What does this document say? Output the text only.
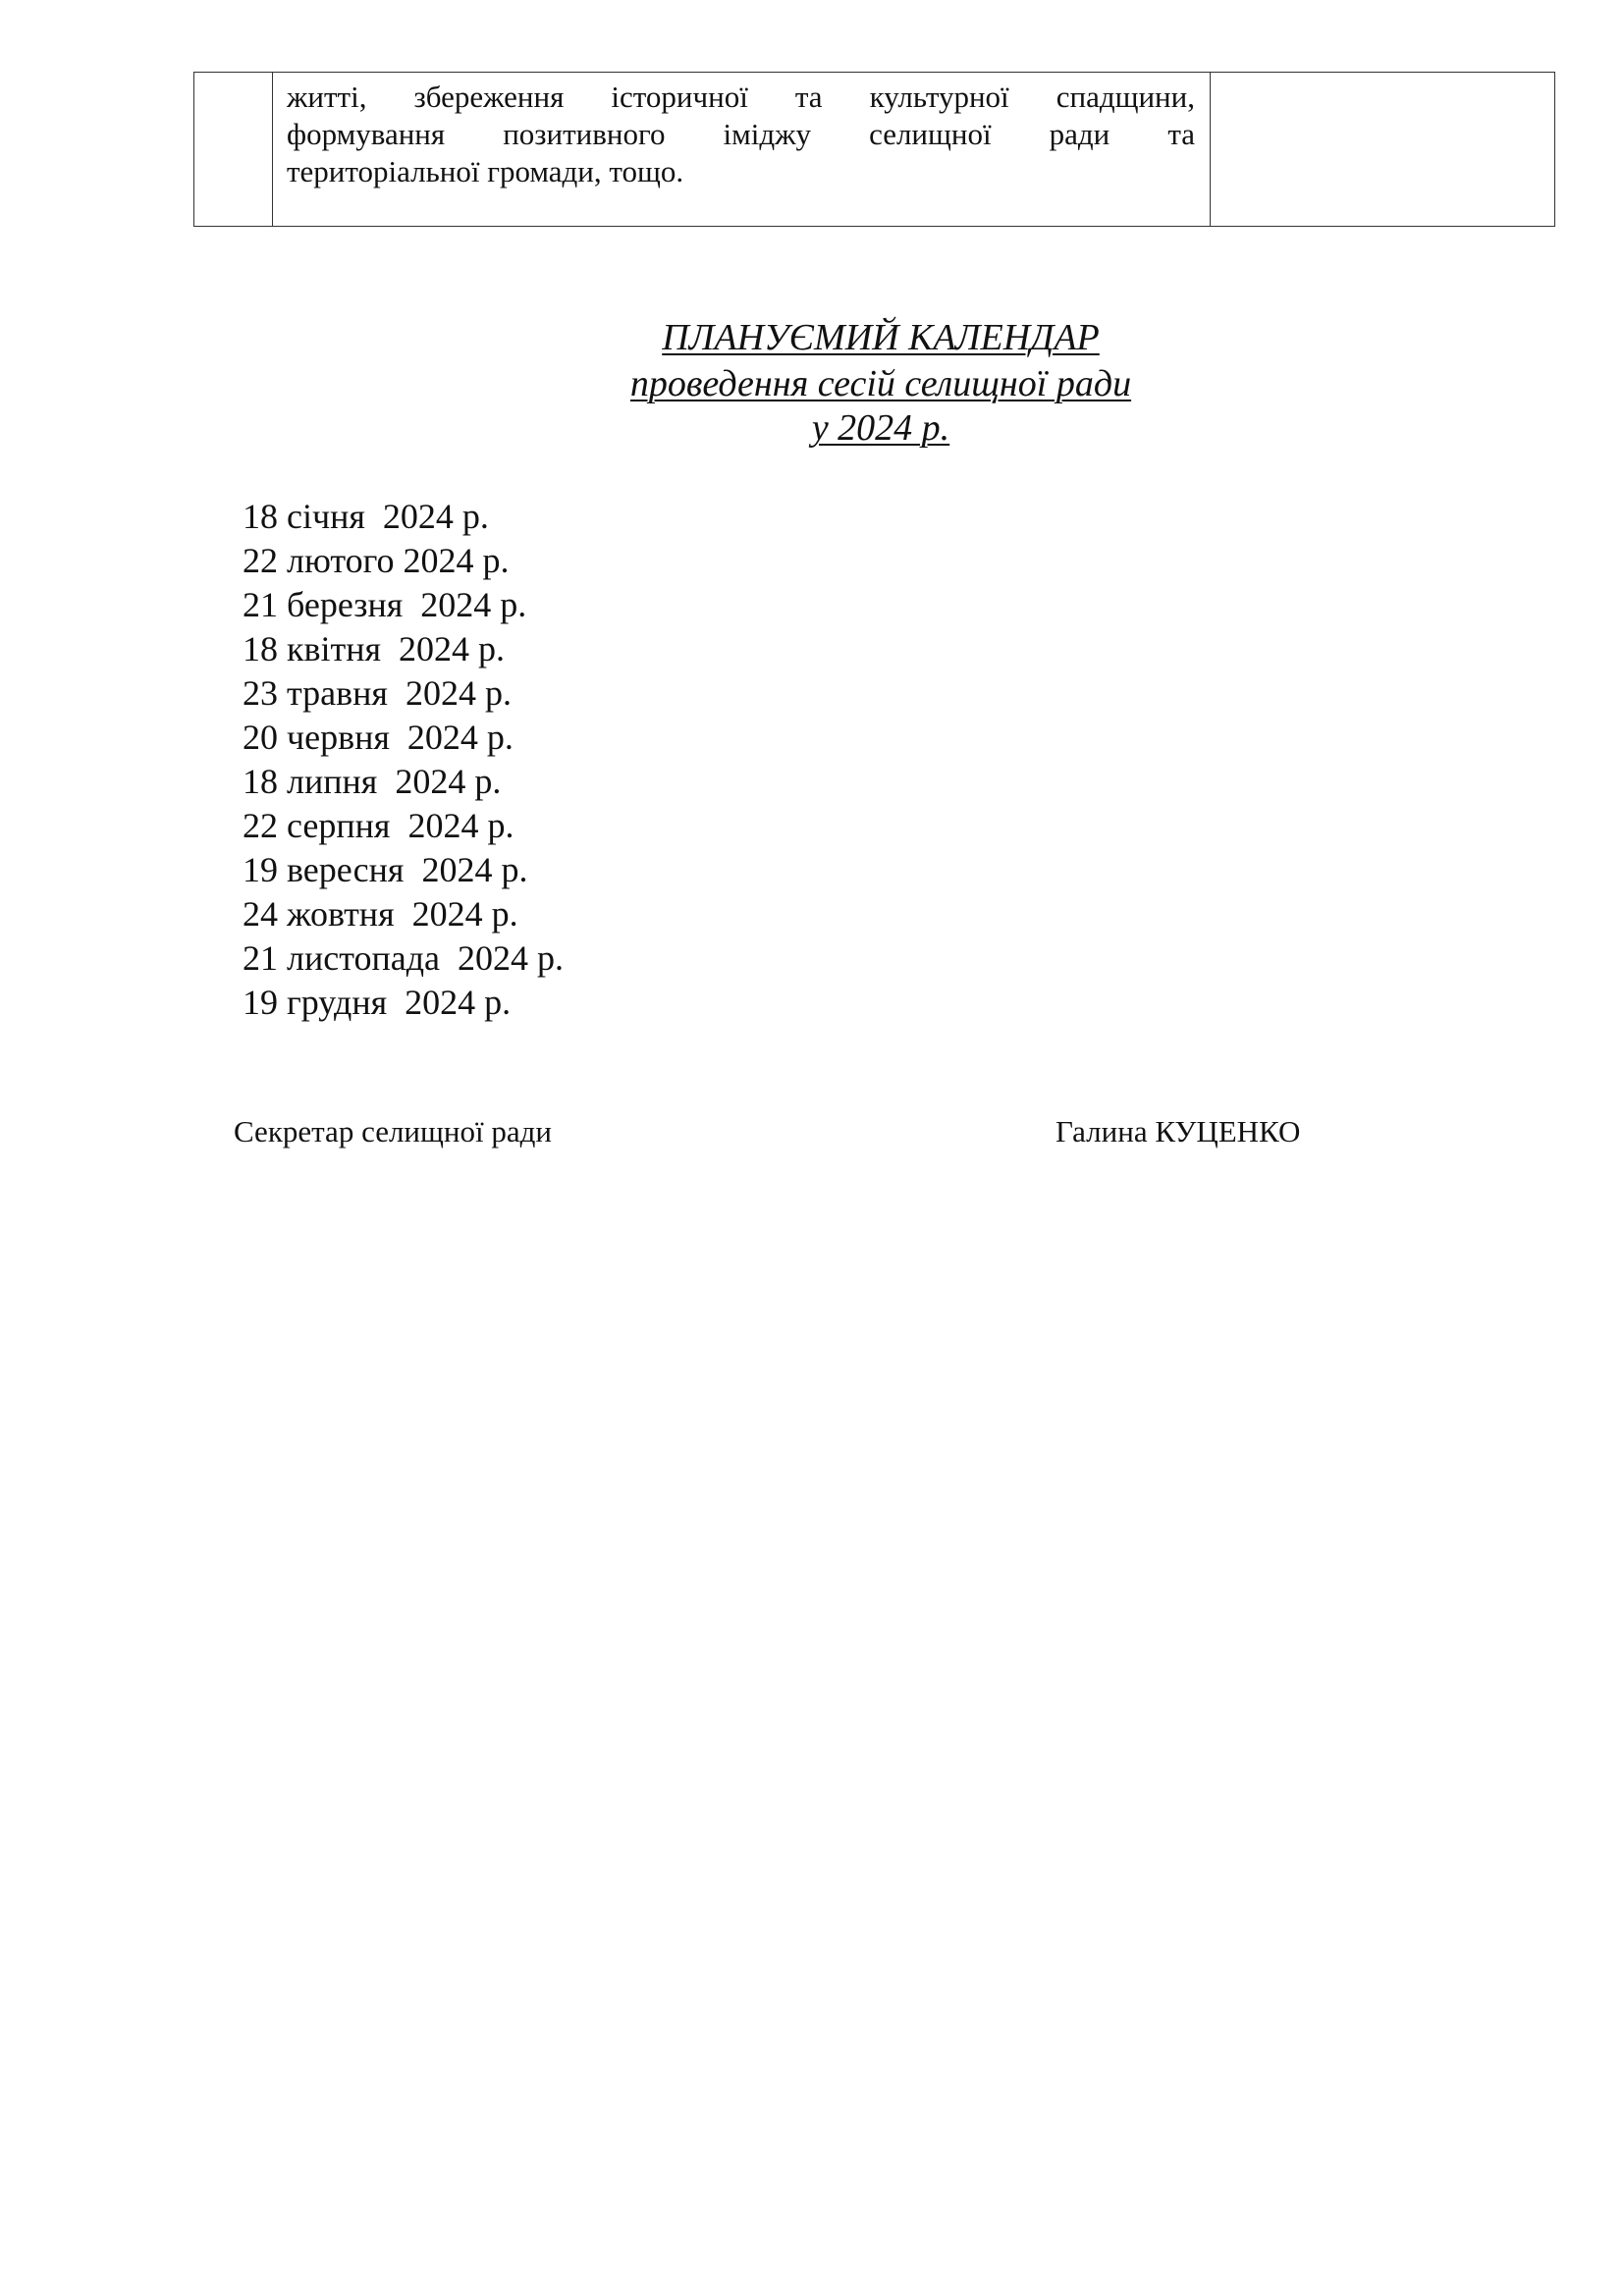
житті, збереження історичної та культурної спадщини,
формування позитивного іміджу селищної ради та
територіальної громади, тощо.
ПЛАНУЄМИЙ КАЛЕНДАР
проведення сесій селищної ради
у 2024 р.
18 січня  2024 р.
22 лютого 2024 р.
21 березня  2024 р.
18 квітня  2024 р.
23 травня  2024 р.
20 червня  2024 р.
18 липня  2024 р.
22 серпня  2024 р.
19 вересня  2024 р.
24 жовтня  2024 р.
21 листопада  2024 р.
19 грудня  2024 р.
Секретар селищної ради	Галина КУЦЕНКО
